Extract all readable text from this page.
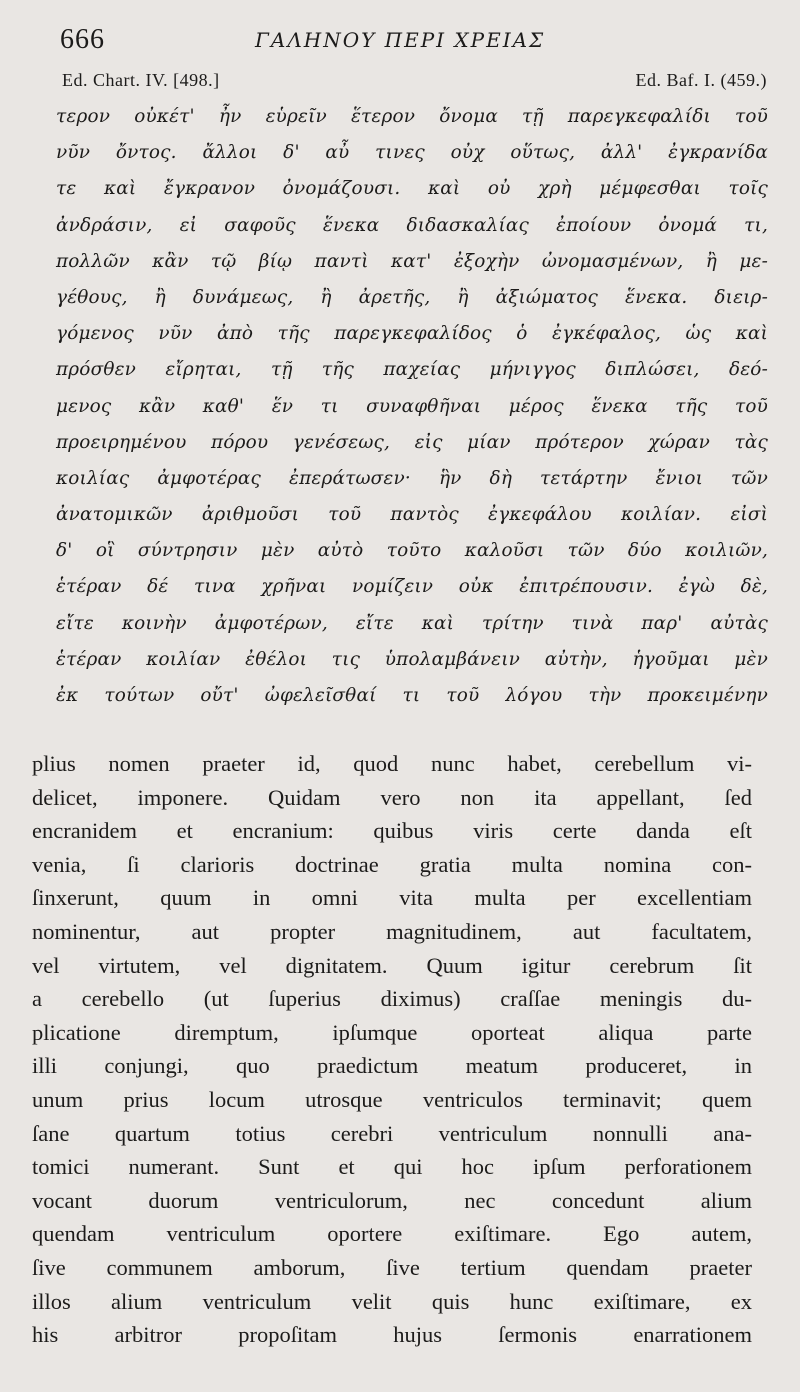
666	ΓΑΛΗΝΟΥ ΠΕΡΙ ΧΡΕΙΑΣ
Ed. Chart. IV. [498.]	Ed. Baf. I. (459.)
τερον οὐκέτ' ἦν εὑρεῖν ἕτερον ὄνομα τῇ παρεγκεφαλίδι τοῦ
νῦν ὄντος. ἄλλοι δ' αὖ τινες οὐχ οὕτως, ἀλλ' ἐγκρανίδα
τε καὶ ἔγκρανον ὀνομάζουσι. καὶ οὐ χρὴ μέμφεσθαι τοῖς
ἀνδράσιν, εἰ σαφοῦς ἕνεκα διδασκαλίας ἐποίουν ὀνομά τι,
πολλῶν κἂν τῷ βίῳ παντὶ κατ' ἐξοχὴν ὠνομασμένων, ἢ με-
γέθους, ἢ δυνάμεως, ἢ ἀρετῆς, ἢ ἀξιώματος ἕνεκα. διειρ-
γόμενος νῦν ἀπὸ τῆς παρεγκεφαλίδος ὁ ἐγκέφαλος, ὡς καὶ
πρόσθεν εἴρηται, τῇ τῆς παχείας μήνιγγος διπλώσει, δεό-
μενος κἂν καθ' ἕν τι συναφθῆναι μέρος ἕνεκα τῆς τοῦ
προειρημένου πόρου γενέσεως, εἰς μίαν πρότερον χώραν τὰς
κοιλίας ἀμφοτέρας ἐπεράτωσεν· ἣν δὴ τετάρτην ἔνιοι τῶν
ἀνατομικῶν ἀριθμοῦσι τοῦ παντὸς ἐγκεφάλου κοιλίαν. εἰσὶ
δ' οἳ σύντρησιν μὲν αὐτὸ τοῦτο καλοῦσι τῶν δύο κοιλιῶν,
ἑτέραν δέ τινα χρῆναι νομίζειν οὐκ ἐπιτρέπουσιν. ἐγὼ δὲ,
εἴτε κοινὴν ἀμφοτέρων, εἴτε καὶ τρίτην τινὰ παρ' αὐτὰς
ἑτέραν κοιλίαν ἐθέλοι τις ὑπολαμβάνειν αὐτὴν, ἡγοῦμαι μὲν
ἐκ τούτων οὔτ' ὠφελεῖσθαί τι τοῦ λόγου τὴν προκειμένην
plius nomen praeter id, quod nunc habet, cerebellum vi-
delicet, imponere. Quidam vero non ita appellant, ſed
encranidem et encranium: quibus viris certe danda eſt
venia, ſi clarioris doctrinae gratia multa nomina con-
ſinxerunt, quum in omni vita multa per excellentiam
nominentur, aut propter magnitudinem, aut facultatem,
vel virtutem, vel dignitatem. Quum igitur cerebrum ſit
a cerebello (ut ſuperius diximus) craſſae meningis du-
plicatione diremptum, ipſumque oporteat aliqua parte
illi conjungi, quo praedictum meatum produceret, in
unum prius locum utrosque ventriculos terminavit; quem
ſane quartum totius cerebri ventriculum nonnulli ana-
tomici numerant. Sunt et qui hoc ipſum perforationem
vocant duorum ventriculorum, nec concedunt alium
quendam ventriculum oportere exiſtimare. Ego autem,
ſive communem amborum, ſive tertium quendam praeter
illos alium ventriculum velit quis hunc exiſtimare, ex
his arbitror propoſitam hujus ſermonis enarrationem
